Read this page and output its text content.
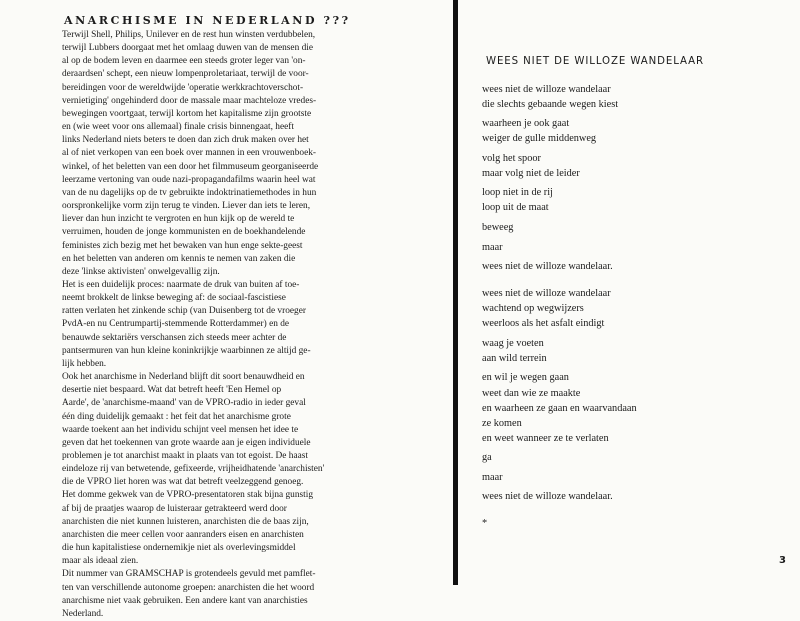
ANARCHISME IN NEDERLAND ???
Terwijl Shell, Philips, Unilever en de rest hun winsten verdubbelen,
terwijl Lubbers doorgaat met het omlaag duwen van de mensen die
al op de bodem leven en daarmee een steeds groter leger van 'on-
deraardsen' schept, een nieuw lompenproletariaat, terwijl de voor-
bereidingen voor de wereldwijde 'operatie werkkrachtoverschot-
vernietiging' ongehinderd door de massale maar machteloze vredes-
bewegingen voortgaat, terwijl kortom het kapitalisme zijn grootste
en (wie weet voor ons allemaal) finale crisis binnengaat, heeft
links Nederland niets beters te doen dan zich druk maken over het
al of niet verkopen van een boek over mannen in een vrouwenboek-
winkel, of het beletten van een door het filmmuseum georganiseerde
leerzame vertoning van oude nazi-propagandafilms waarin heel wat
van de nu dagelijks op de tv gebruikte indoktrinatiemethodes in hun
oorspronkelijke vorm zijn terug te vinden. Liever dan iets te leren,
liever dan hun inzicht te vergroten en hun kijk op de wereld te
verruimen, houden de jonge kommunisten en de boekhandelende
feministes zich bezig met het bewaken van hun enge sekte-geest
en het beletten van anderen om kennis te nemen van zaken die
deze 'linkse aktivisten' onwelgevallig zijn.
Het is een duidelijk proces: naarmate de druk van buiten af toe-
neemt brokkelt de linkse beweging af: de sociaal-fascistiese
ratten verlaten het zinkende schip (van Duisenberg tot de vroeger
PvdA-en nu Centrumpartij-stemmende Rotterdammer) en de
benauwde sektariërs verschansen zich steeds meer achter de
pantsermuren van hun kleine koninkrijkje waarbinnen ze altijd ge-
lijk hebben.
Ook het anarchisme in Nederland blijft dit soort benauwdheid en
desertie niet bespaard. Wat dat betreft heeft 'Een Hemel op
Aarde', de 'anarchisme-maand' van de VPRO-radio in ieder geval
één ding duidelijk gemaakt : het feit dat het anarchisme grote
waarde toekent aan het individu schijnt veel mensen het idee te
geven dat het toekennen van grote waarde aan je eigen individuele
problemen je tot anarchist maakt in plaats van tot egoist. De haast
eindeloze rij van betwetende, gefixeerde, vrijheidhatende 'anarchisten'
die de VPRO liet horen was wat dat betreft veelzeggend genoeg.
Het domme gekwek van de VPRO-presentatoren stak bijna gunstig
af bij de praatjes waarop de luisteraar getrakteerd werd door
anarchisten die niet kunnen luisteren, anarchisten die de baas zijn,
anarchisten die meer cellen voor aanranders eisen en anarchisten
die hun kapitalistiese ondernemikje niet als overlevingsmiddel
maar als ideaal zien.
Dit nummer van GRAMSCHAP is grotendeels gevuld met pamflet-
ten van verschillende autonome groepen: anarchisten die het woord
anarchisme niet vaak gebruiken. Een andere kant van anarchisties
Nederland.
WEES NIET DE WILLOZE WANDELAAR
wees niet de willoze wandelaar
die slechts gebaande wegen kiest
waarheen je ook gaat
weiger de gulle middenweg
volg het spoor
maar volg niet de leider
loop niet in de rij
loop uit de maat
beweeg
maar
wees niet de willoze wandelaar.
wees niet de willoze wandelaar
wachtend op wegwijzers
weerloos als het asfalt eindigt
waag je voeten
aan wild terrein
en wil je wegen gaan
weet dan wie ze maakte
en waarheen ze gaan en waarvandaan
ze komen
en weet wanneer ze te verlaten
ga
maar
wees niet de willoze wandelaar.
*
3
